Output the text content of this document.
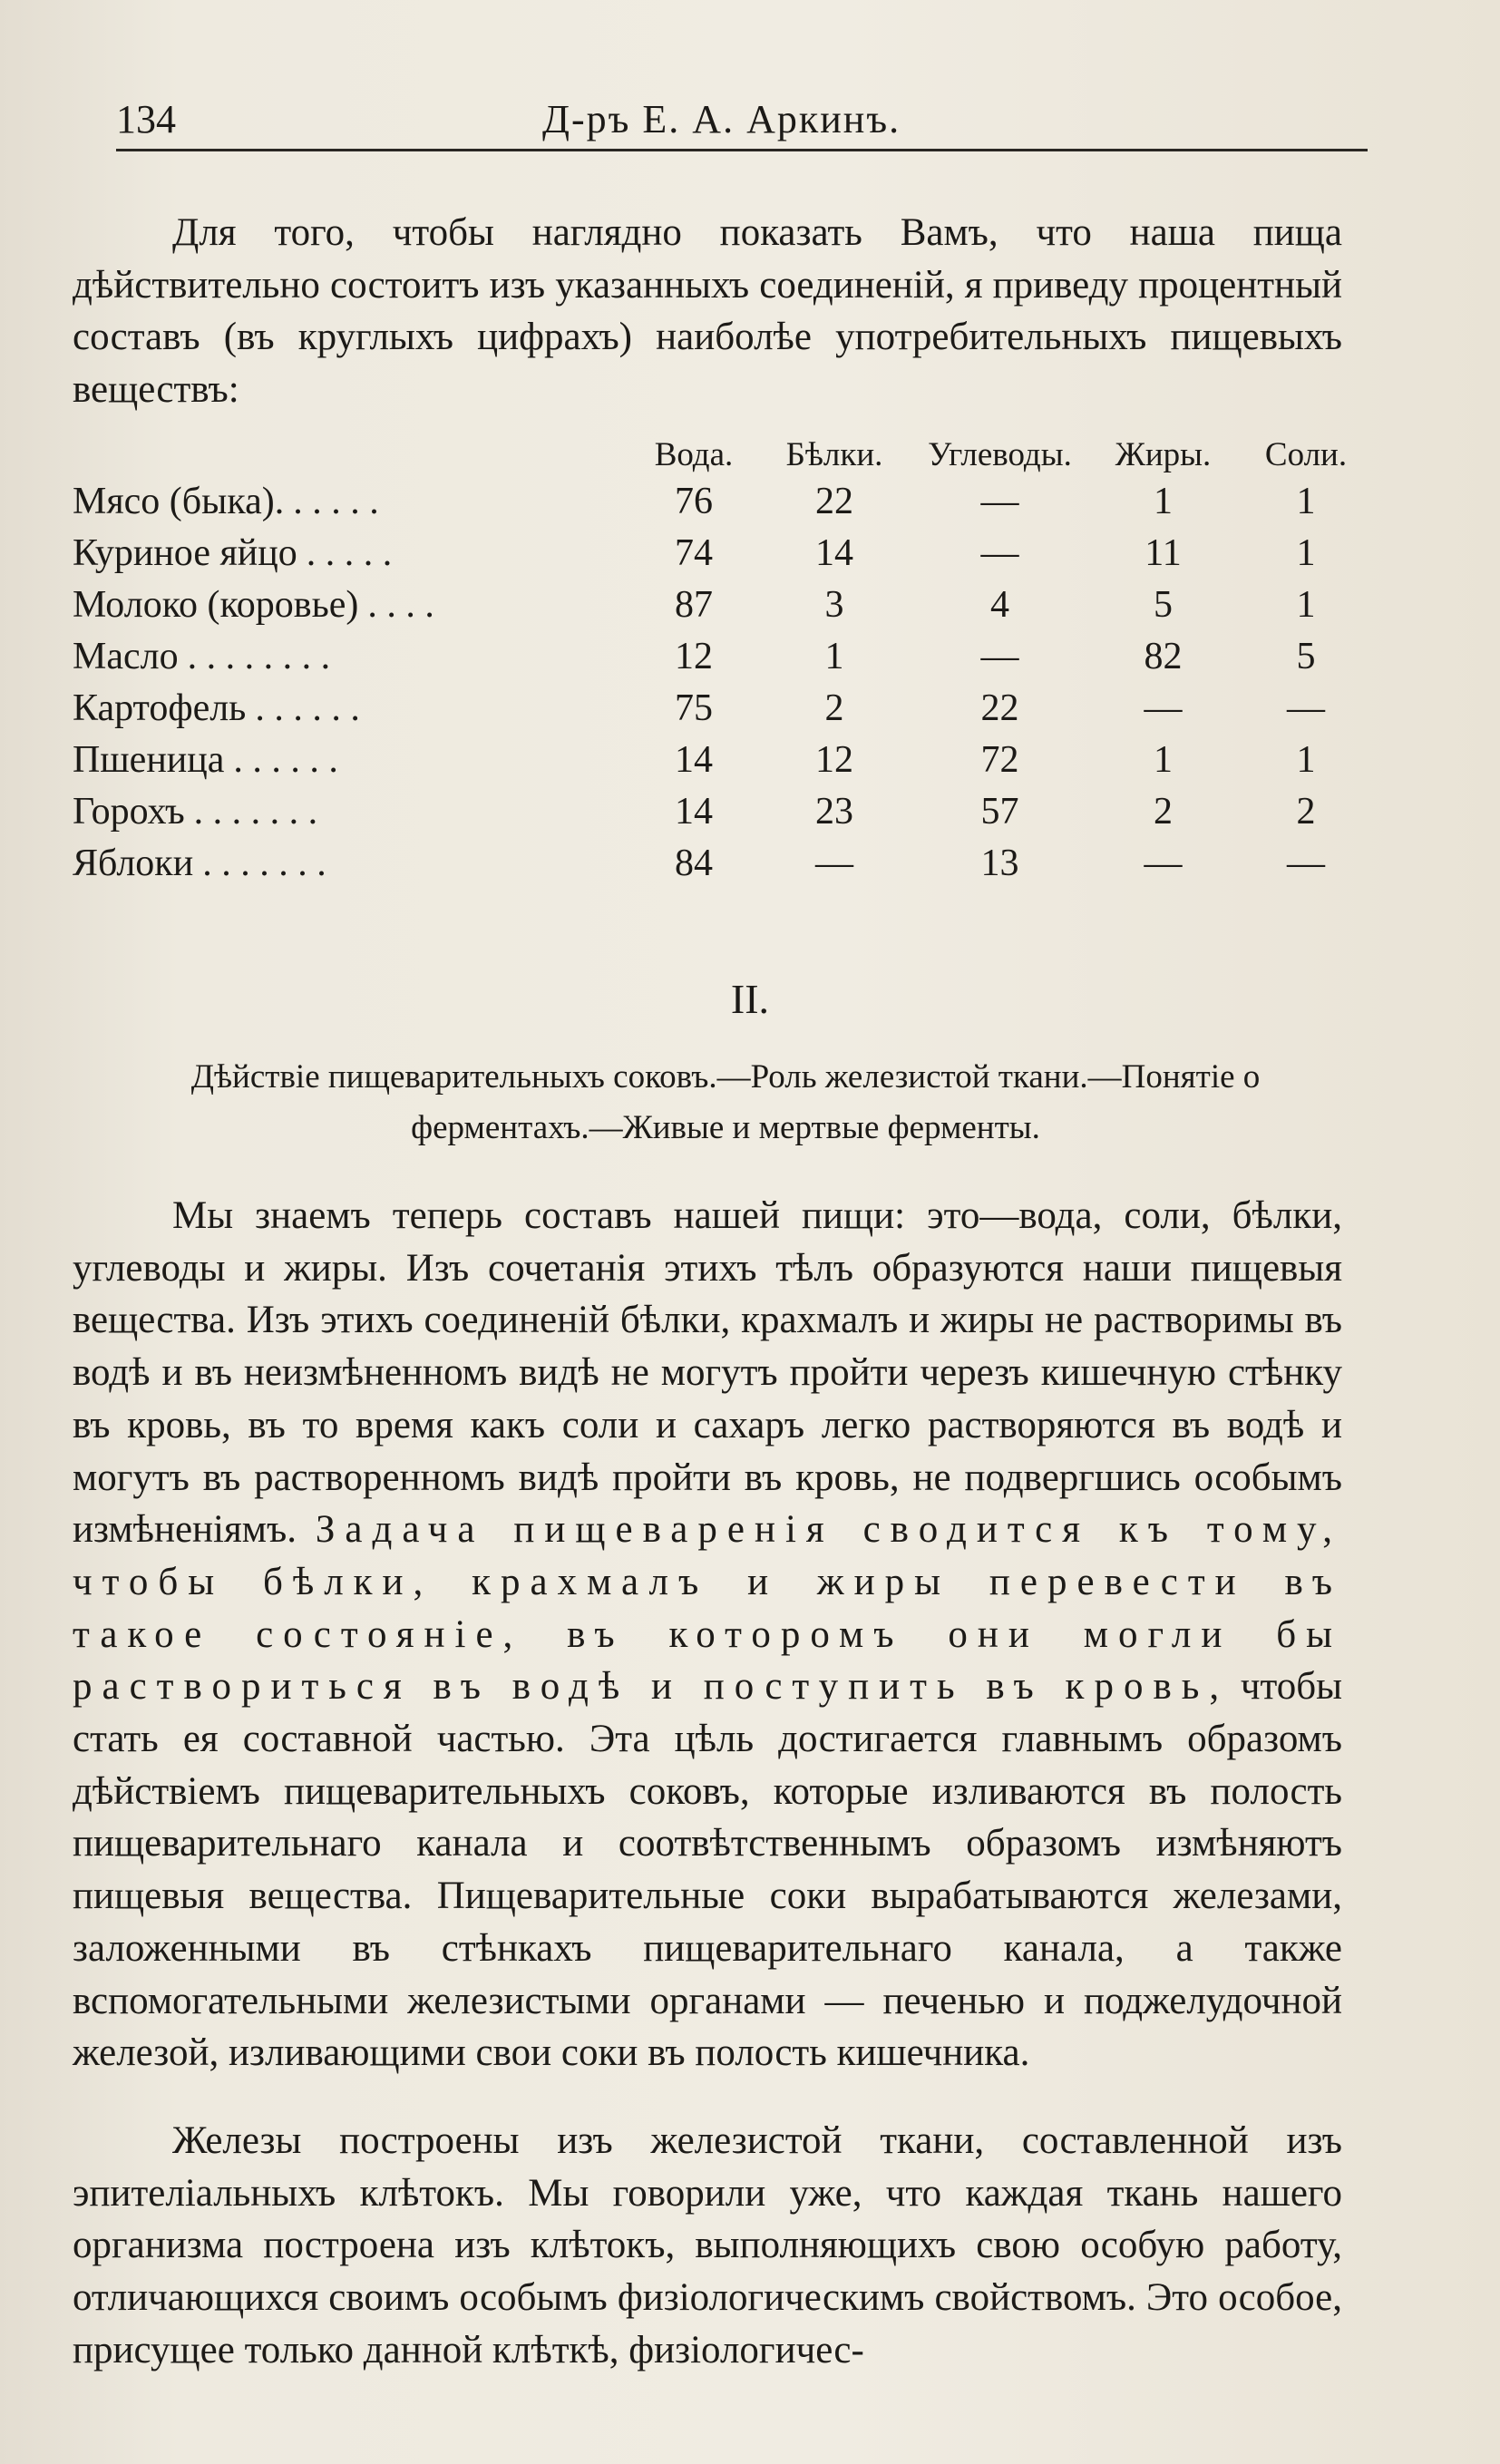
134	Д-ръ Е. А. Аркинъ.

Для того, чтобы наглядно показать Вамъ, что наша пища дѣйствительно состоитъ изъ указанныхъ соединеній, я приведу процентный составъ (въ круглыхъ цифрахъ) наиболѣе употребительныхъ пищевыхъ веществъ:

Вода.	Бѣлки.	Углеводы.	Жиры.	Соли.
Мясо (быка). . . . . .	76	22	—	1	1
Куриное яйцо . . . . .	74	14	—	11	1
Молоко (коровье) . . . .	87	3	4	5	1
Масло . . . . . . . .	12	1	—	82	5
Картофель . . . . . .	75	2	22	—	—
Пшеница . . . . . .	14	12	72	1	1
Горохъ . . . . . . .	14	23	57	2	2
Яблоки . . . . . . .	84	—	13	—	—
II.

Дѣйствіе пищеварительныхъ соковъ.—Роль железистой ткани.—Понятіе о ферментахъ.—Живые и мертвые ферменты.

Мы знаемъ теперь составъ нашей пищи: это—вода, соли, бѣлки, углеводы и жиры. Изъ сочетанія этихъ тѣлъ образуются наши пищевыя вещества. Изъ этихъ соединеній бѣлки, крахмалъ и жиры не растворимы въ водѣ и въ неизмѣненномъ видѣ не могутъ пройти черезъ кишечную стѣнку въ кровь, въ то время какъ соли и сахаръ легко растворяются въ водѣ и могутъ въ растворенномъ видѣ пройти въ кровь, не подвергшись особымъ измѣненіямъ. Задача пищеваренія сводится къ тому, чтобы бѣлки, крахмалъ и жиры перевести въ такое состояніе, въ которомъ они могли бы раствориться въ водѣ и поступить въ кровь, чтобы стать ея составной частью. Эта цѣль достигается главнымъ образомъ дѣйствіемъ пищеварительныхъ соковъ, которые изливаются въ полость пищеварительнаго канала и соотвѣтственнымъ образомъ измѣняютъ пищевыя вещества. Пищеварительные соки вырабатываются железами, заложенными въ стѣнкахъ пищеварительнаго канала, а также вспомогательными железистыми органами — печенью и поджелудочной железой, изливающими свои соки въ полость кишечника.

Железы построены изъ железистой ткани, составленной изъ эпителіальныхъ клѣтокъ. Мы говорили уже, что каждая ткань нашего организма построена изъ клѣтокъ, выполняющихъ свою особую работу, отличающихся своимъ особымъ физіологическимъ свойствомъ. Это особое, присущее только данной клѣткѣ, физіологичес-
